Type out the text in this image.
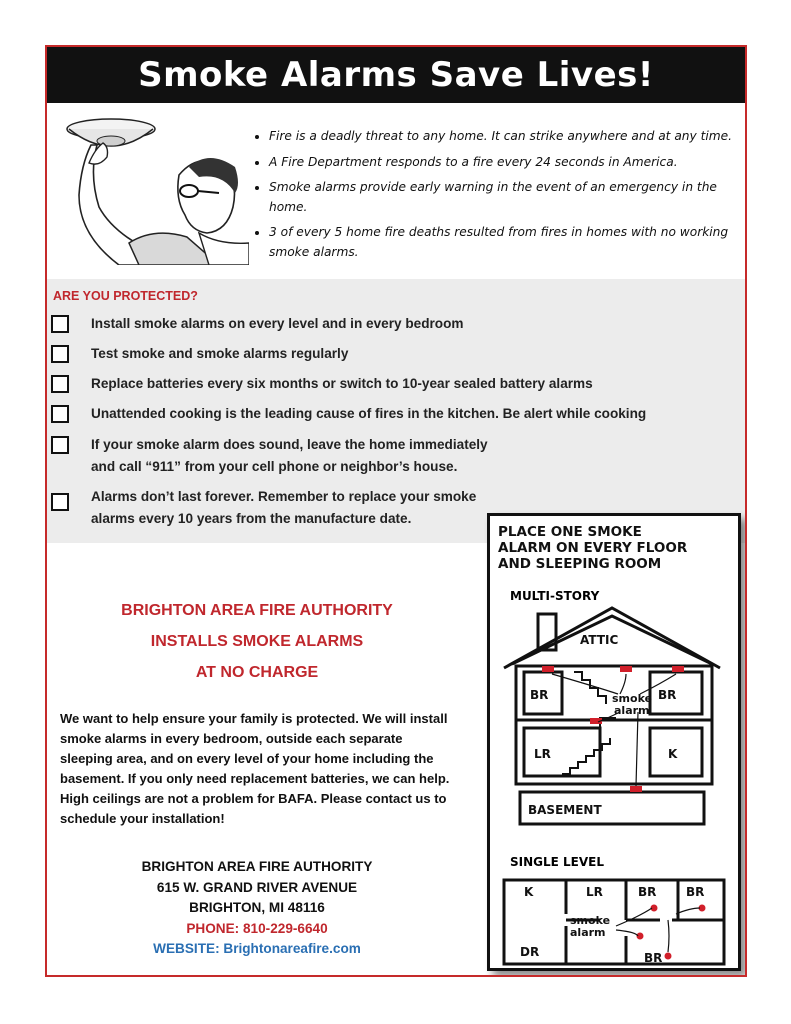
Smoke Alarms Save Lives!
• Fire is a deadly threat to any home. It can strike anywhere and at any time.
• A Fire Department responds to a fire every 24 seconds in America.
• Smoke alarms provide early warning in the event of an emergency in the home.
• 3 of every 5 home fire deaths resulted from fires in homes with no working smoke alarms.
ARE YOU PROTECTED?
Install smoke alarms on every level and in every bedroom
Test smoke and smoke alarms regularly
Replace batteries every six months or switch to 10-year sealed battery alarms
Unattended cooking is the leading cause of fires in the kitchen. Be alert while cooking
If your smoke alarm does sound, leave the home immediately and call “911” from your cell phone or neighbor’s house.
Alarms don’t last forever. Remember to replace your smoke alarms every 10 years from the manufacture date.
BRIGHTON AREA FIRE AUTHORITY
INSTALLS SMOKE ALARMS
AT NO CHARGE

We want to help ensure your family is protected. We will install smoke alarms in every bedroom, outside each separate sleeping area, and on every level of your home including the basement. If you only need replacement batteries, we can help. High ceilings are not a problem for BAFA. Please contact us to schedule your installation!

BRIGHTON AREA FIRE AUTHORITY
615 W. GRAND RIVER AVENUE
BRIGHTON, MI 48116
PHONE: 810-229-6640
WEBSITE: Brightonareafire.com
PLACE ONE SMOKE
ALARM ON EVERY FLOOR
AND SLEEPING ROOM
MULTI-STORY
BR
ATTIC
BR
smoke
alarm
LR	K
BASEMENT
SINGLE LEVEL
K	LR	BR BR
smoke
alarm
DR	BR
